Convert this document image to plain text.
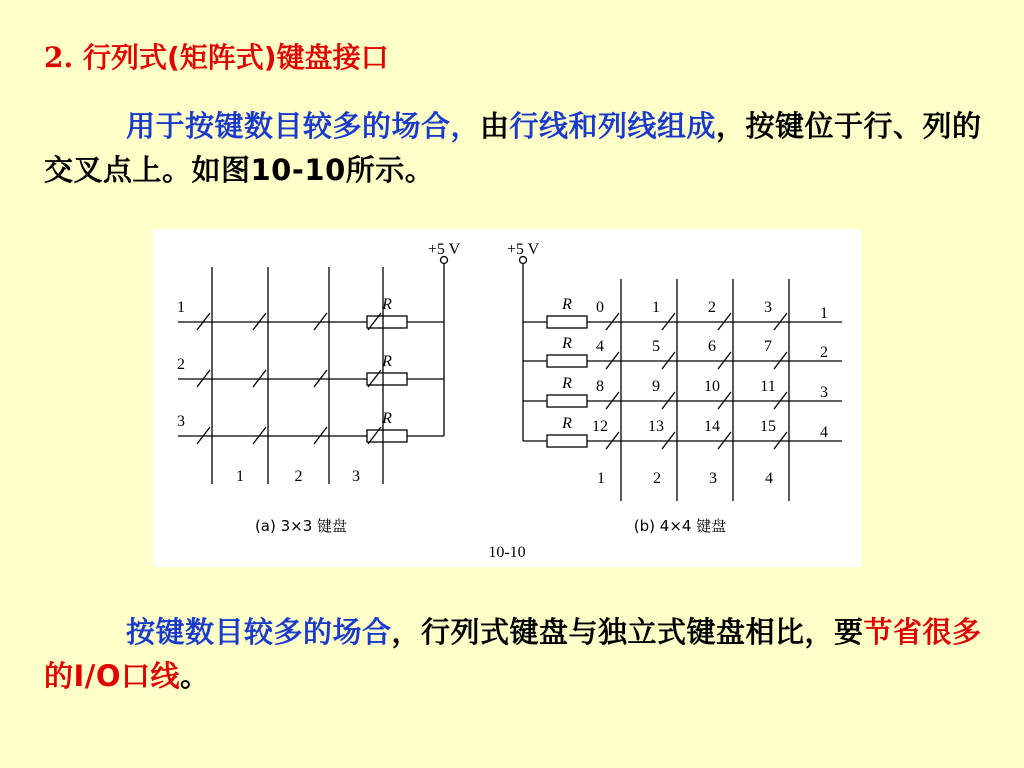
2. 行列式(矩阵式)键盘接口
用于按键数目较多的场合，由行线和列线组成，按键位于行、列的交叉点上。如图10-10所示。
1	R
2	R
3	R
1	2	3
+5 V
(a) 3×3 键盘
+5 V
R
1
R
2
R
3
R
4
1	2	3	4
0	1	2	3
4	5	6	7
8	9	10	11
12	13	14	15
(b) 4×4 键盘
10-10
按键数目较多的场合，行列式键盘与独立式键盘相比，要节省很多的I/O口线。
